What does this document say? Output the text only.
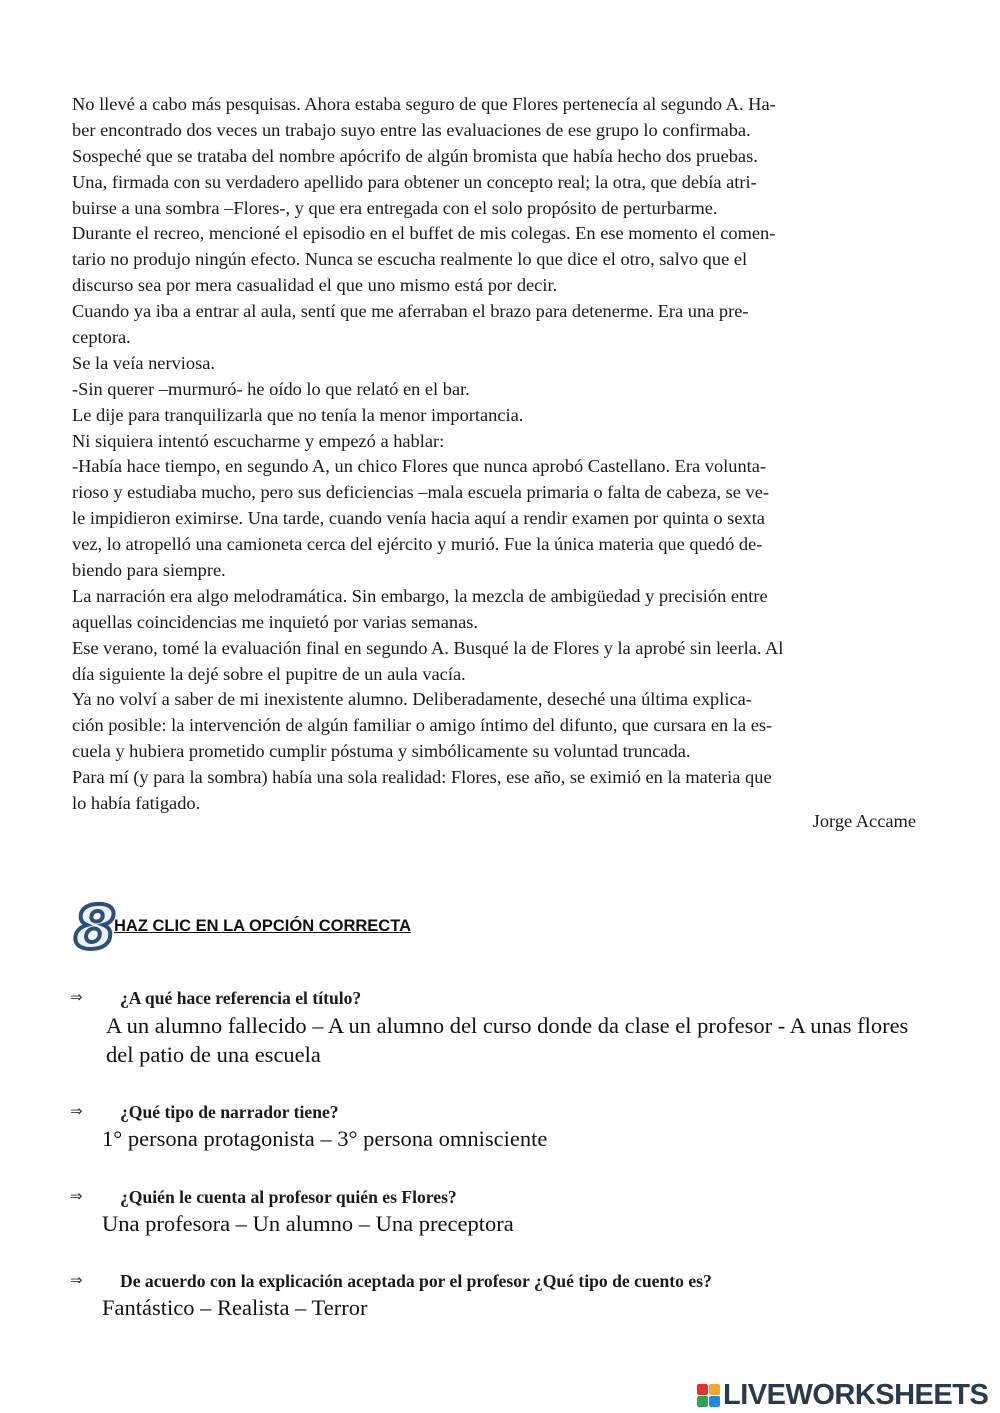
No llevé a cabo más pesquisas. Ahora estaba seguro de que Flores pertenecía al segundo A. Ha-
ber encontrado dos veces un trabajo suyo entre las evaluaciones de ese grupo lo confirmaba.
Sospeché que se trataba del nombre apócrifo de algún bromista que había hecho dos pruebas.
Una, firmada con su verdadero apellido para obtener un concepto real; la otra, que debía atri-
buirse a una sombra –Flores-, y que era entregada con el solo propósito de perturbarme.
Durante el recreo, mencioné el episodio en el buffet de mis colegas. En ese momento el comen-
tario no produjo ningún efecto. Nunca se escucha realmente lo que dice el otro, salvo que el
discurso sea por mera casualidad el que uno mismo está por decir.
Cuando ya iba a entrar al aula, sentí que me aferraban el brazo para detenerme. Era una pre-
ceptora.
Se la veía nerviosa.
-Sin querer –murmuró- he oído lo que relató en el bar.
Le dije para tranquilizarla que no tenía la menor importancia.
Ni siquiera intentó escucharme y empezó a hablar:
-Había hace tiempo, en segundo A, un chico Flores que nunca aprobó Castellano. Era volunta-
rioso y estudiaba mucho, pero sus deficiencias –mala escuela primaria o falta de cabeza, se ve-
le impidieron eximirse. Una tarde, cuando venía hacia aquí a rendir examen por quinta o sexta
vez, lo atropelló una camioneta cerca del ejército y murió. Fue la única materia que quedó de-
biendo para siempre.
La narración era algo melodramática. Sin embargo, la mezcla de ambigüedad y precisión entre
aquellas coincidencias me inquietó por varias semanas.
Ese verano, tomé la evaluación final en segundo A. Busqué la de Flores y la aprobé sin leerla. Al
día siguiente la dejé sobre el pupitre de un aula vacía.
Ya no volví a saber de mi inexistente alumno. Deliberadamente, deseché una última explica-
ción posible: la intervención de algún familiar o amigo íntimo del difunto, que cursara en la es-
cuela y hubiera prometido cumplir póstuma y simbólicamente su voluntad truncada.
Para mí (y para la sombra) había una sola realidad: Flores, ese año, se eximió en la materia que
lo había fatigado.
Jorge Accame
8
HAZ CLIC EN LA OPCIÓN CORRECTA
⇒ ¿A qué hace referencia el título?
A un alumno fallecido – A un alumno del curso donde da clase el profesor - A unas flores del patio de una escuela
⇒ ¿Qué tipo de narrador tiene?
1° persona protagonista – 3° persona omnisciente
⇒ ¿Quién le cuenta al profesor quién es Flores?
Una profesora – Un alumno – Una preceptora
⇒ De acuerdo con la explicación aceptada por el profesor ¿Qué tipo de cuento es?
Fantástico – Realista – Terror
LIVEWORKSHEETS
